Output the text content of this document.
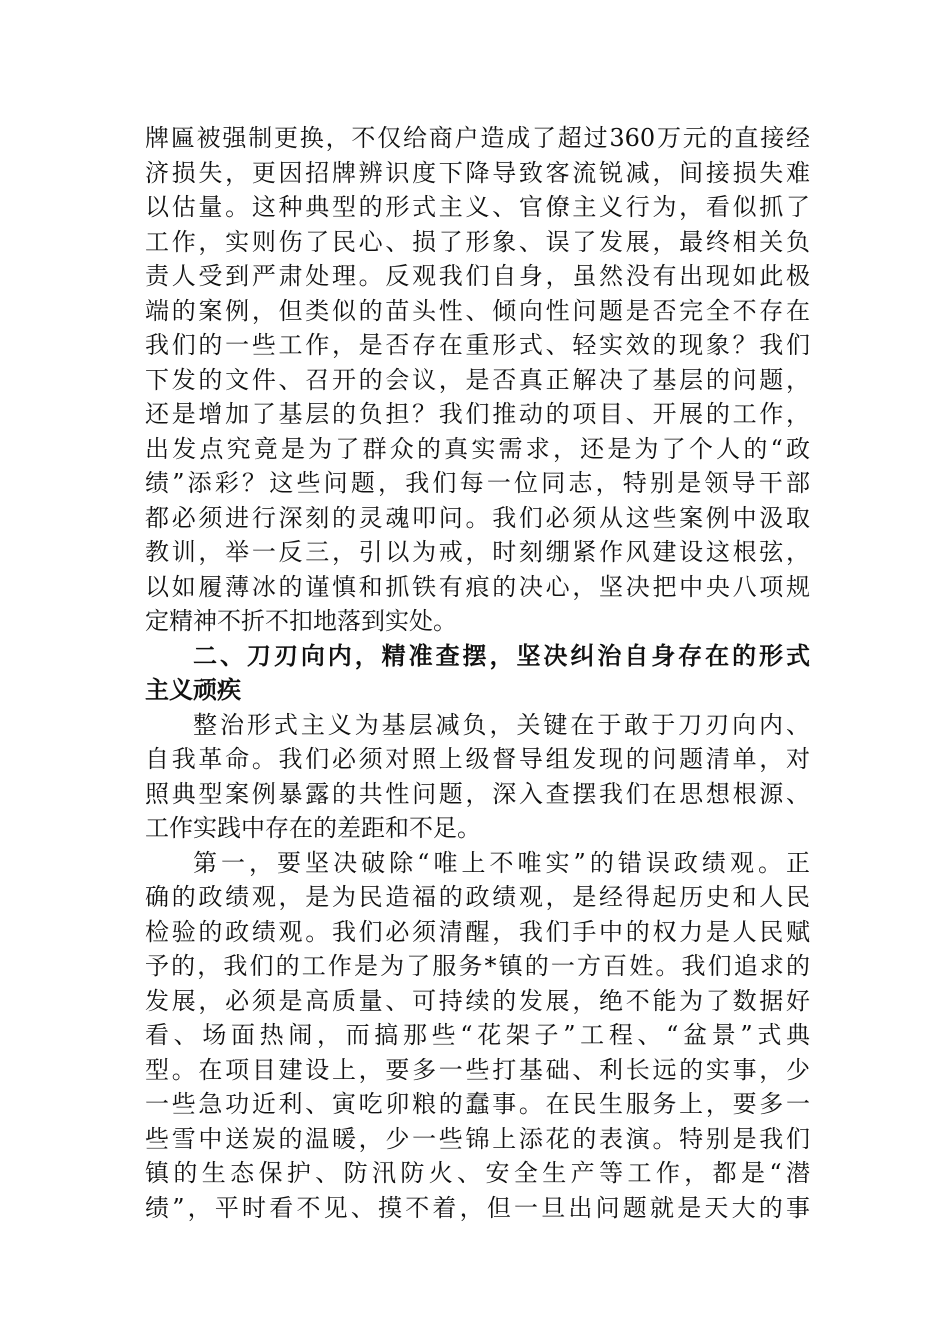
牌匾被强制更换，不仅给商户造成了超过360万元的直接经
济损失，更因招牌辨识度下降导致客流锐减，间接损失难
以估量。这种典型的形式主义、官僚主义行为，看似抓了
工作，实则伤了民心、损了形象、误了发展，最终相关负
责人受到严肃处理。反观我们自身，虽然没有出现如此极
端的案例，但类似的苗头性、倾向性问题是否完全不存在
我们的一些工作，是否存在重形式、轻实效的现象？我们
下发的文件、召开的会议，是否真正解决了基层的问题，
还是增加了基层的负担？我们推动的项目、开展的工作，
出发点究竟是为了群众的真实需求，还是为了个人的“政
绩”添彩？这些问题，我们每一位同志，特别是领导干部
都必须进行深刻的灵魂叩问。我们必须从这些案例中汲取
教训，举一反三，引以为戒，时刻绷紧作风建设这根弦，
以如履薄冰的谨慎和抓铁有痕的决心，坚决把中央八项规
定精神不折不扣地落到实处。
二、刀刃向内，精准查摆，坚决纠治自身存在的形式
主义顽疾
整治形式主义为基层减负，关键在于敢于刀刃向内、
自我革命。我们必须对照上级督导组发现的问题清单，对
照典型案例暴露的共性问题，深入查摆我们在思想根源、
工作实践中存在的差距和不足。
第一，要坚决破除“唯上不唯实”的错误政绩观。正
确的政绩观，是为民造福的政绩观，是经得起历史和人民
检验的政绩观。我们必须清醒，我们手中的权力是人民赋
予的，我们的工作是为了服务*镇的一方百姓。我们追求的
发展，必须是高质量、可持续的发展，绝不能为了数据好
看、场面热闹，而搞那些“花架子”工程、“盆景”式典
型。在项目建设上，要多一些打基础、利长远的实事，少
一些急功近利、寅吃卯粮的蠢事。在民生服务上，要多一
些雪中送炭的温暖，少一些锦上添花的表演。特别是我们
镇的生态保护、防汛防火、安全生产等工作，都是“潜
绩”，平时看不见、摸不着，但一旦出问题就是天大的事
